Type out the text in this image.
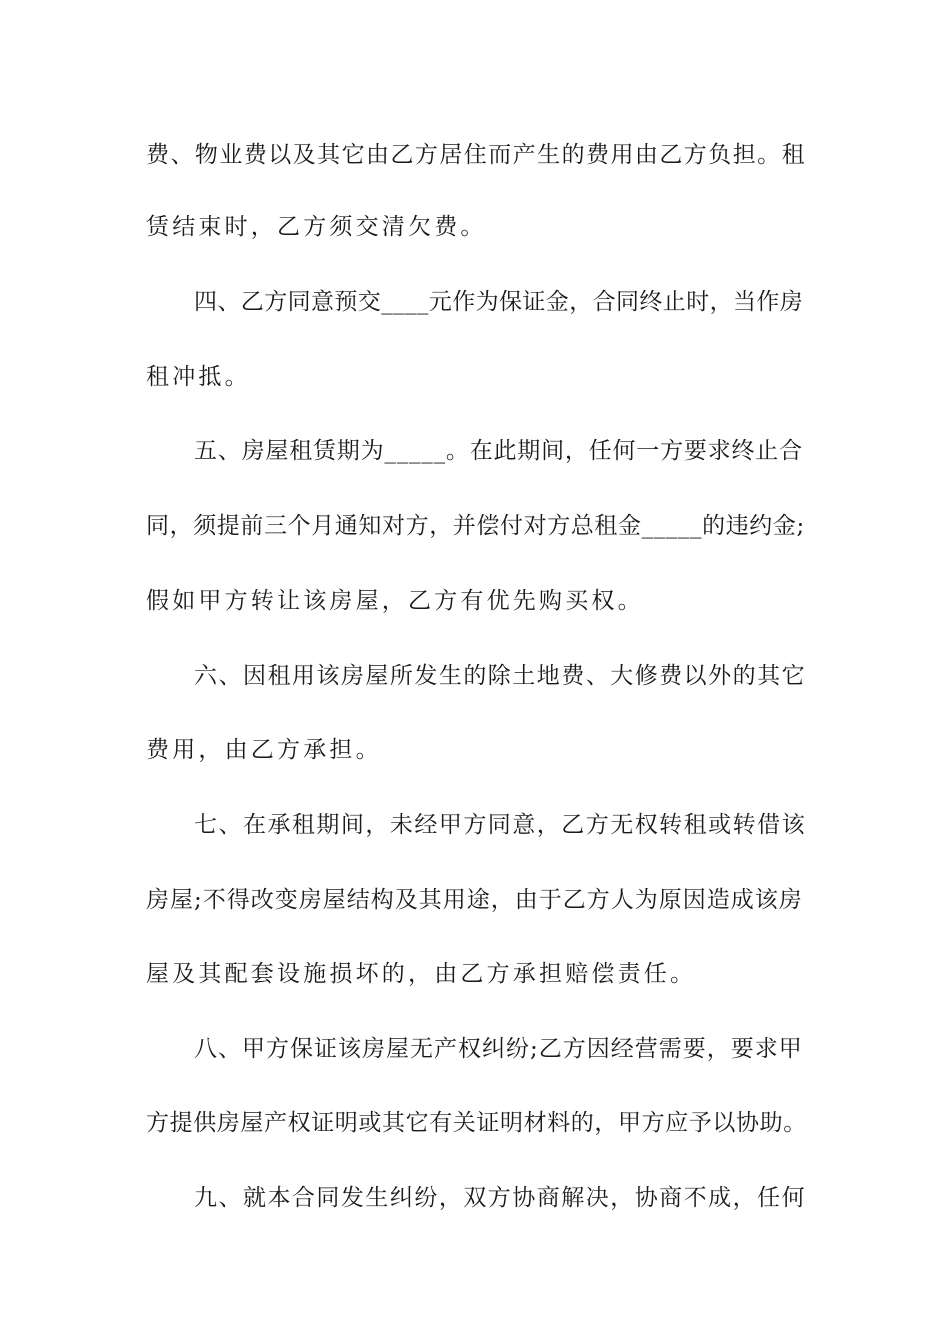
费、物业费以及其它由乙方居住而产生的费用由乙方负担。租
赁结束时，乙方须交清欠费。
四、乙方同意预交____元作为保证金，合同终止时，当作房
租冲抵。
五、房屋租赁期为_____。在此期间，任何一方要求终止合
同，须提前三个月通知对方，并偿付对方总租金_____的违约金;
假如甲方转让该房屋，乙方有优先购买权。
六、因租用该房屋所发生的除土地费、大修费以外的其它
费用，由乙方承担。
七、在承租期间，未经甲方同意，乙方无权转租或转借该
房屋;不得改变房屋结构及其用途，由于乙方人为原因造成该房
屋及其配套设施损坏的，由乙方承担赔偿责任。
八、甲方保证该房屋无产权纠纷;乙方因经营需要，要求甲
方提供房屋产权证明或其它有关证明材料的，甲方应予以协助。
九、就本合同发生纠纷，双方协商解决，协商不成，任何
